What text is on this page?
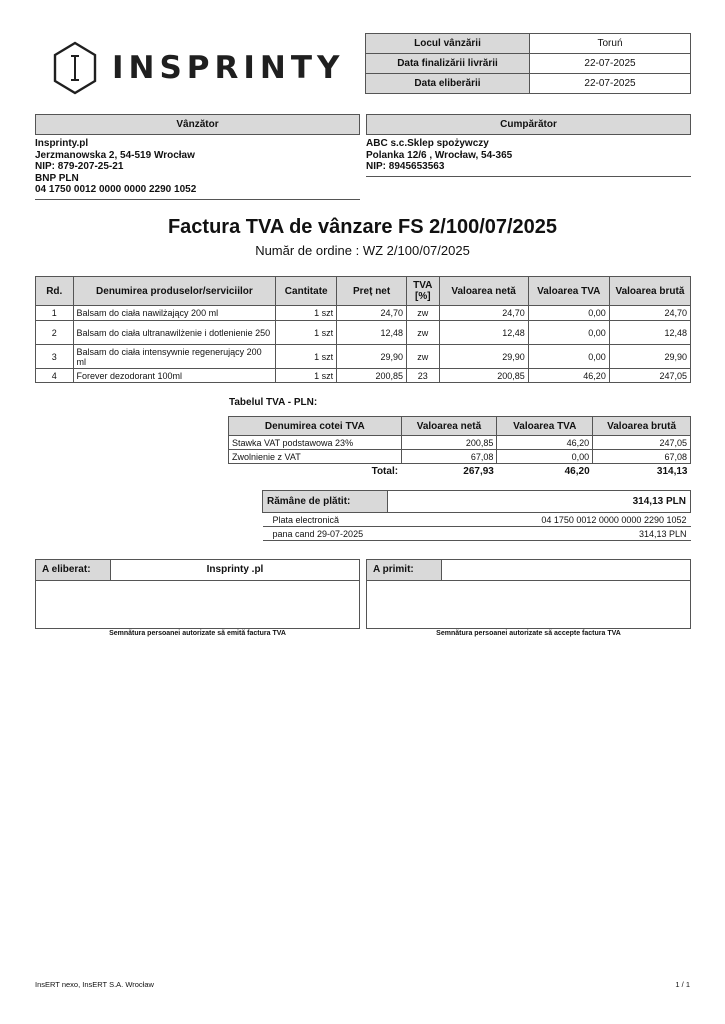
INSPRINTY
Locul vânzării	Toruń
Data finalizării livrării	22-07-2025
Data eliberării	22-07-2025
Vânzător
Insprinty.pl
Jerzmanowska 2, 54-519 Wrocław
NIP: 879-207-25-21
BNP PLN
04 1750 0012 0000 0000 2290 1052
Cumpărător
ABC s.c.Sklep spożywczy
Polanka 12/6 , Wrocław, 54-365
NIP: 8945653563
Factura TVA de vânzare FS 2/100/07/2025
Număr de ordine : WZ 2/100/07/2025
Rd.	Denumirea produselor/serviciilor	Cantitate	Preț net	TVA [%]	Valoarea netă	Valoarea TVA	Valoarea brută
1	Balsam do ciała nawilżający 200 ml	1 szt	24,70	zw	24,70	0,00	24,70
2	Balsam do ciała ultranawilżenie i dotlenienie 250	1 szt	12,48	zw	12,48	0,00	12,48
3	Balsam do ciała intensywnie regenerujący 200 ml	1 szt	29,90	zw	29,90	0,00	29,90
4	Forever dezodorant 100ml	1 szt	200,85	23	200,85	46,20	247,05
Tabelul TVA - PLN:
Denumirea cotei TVA	Valoarea netă	Valoarea TVA	Valoarea brută
Stawka VAT podstawowa 23%	200,85	46,20	247,05
Zwolnienie z VAT	67,08	0,00	67,08
Total:	267,93	46,20	314,13
Rămâne de plătit:	314,13 PLN
Plata electronică	04 1750 0012 0000 0000 2290 1052
pana cand 29-07-2025	314,13 PLN
A eliberat:	Insprinty .pl
Semnătura persoanei autorizate să emită factura TVA
A primit:
Semnătura persoanei autorizate să accepte factura TVA
InsERT nexo, InsERT S.A. Wrocław	1 / 1
